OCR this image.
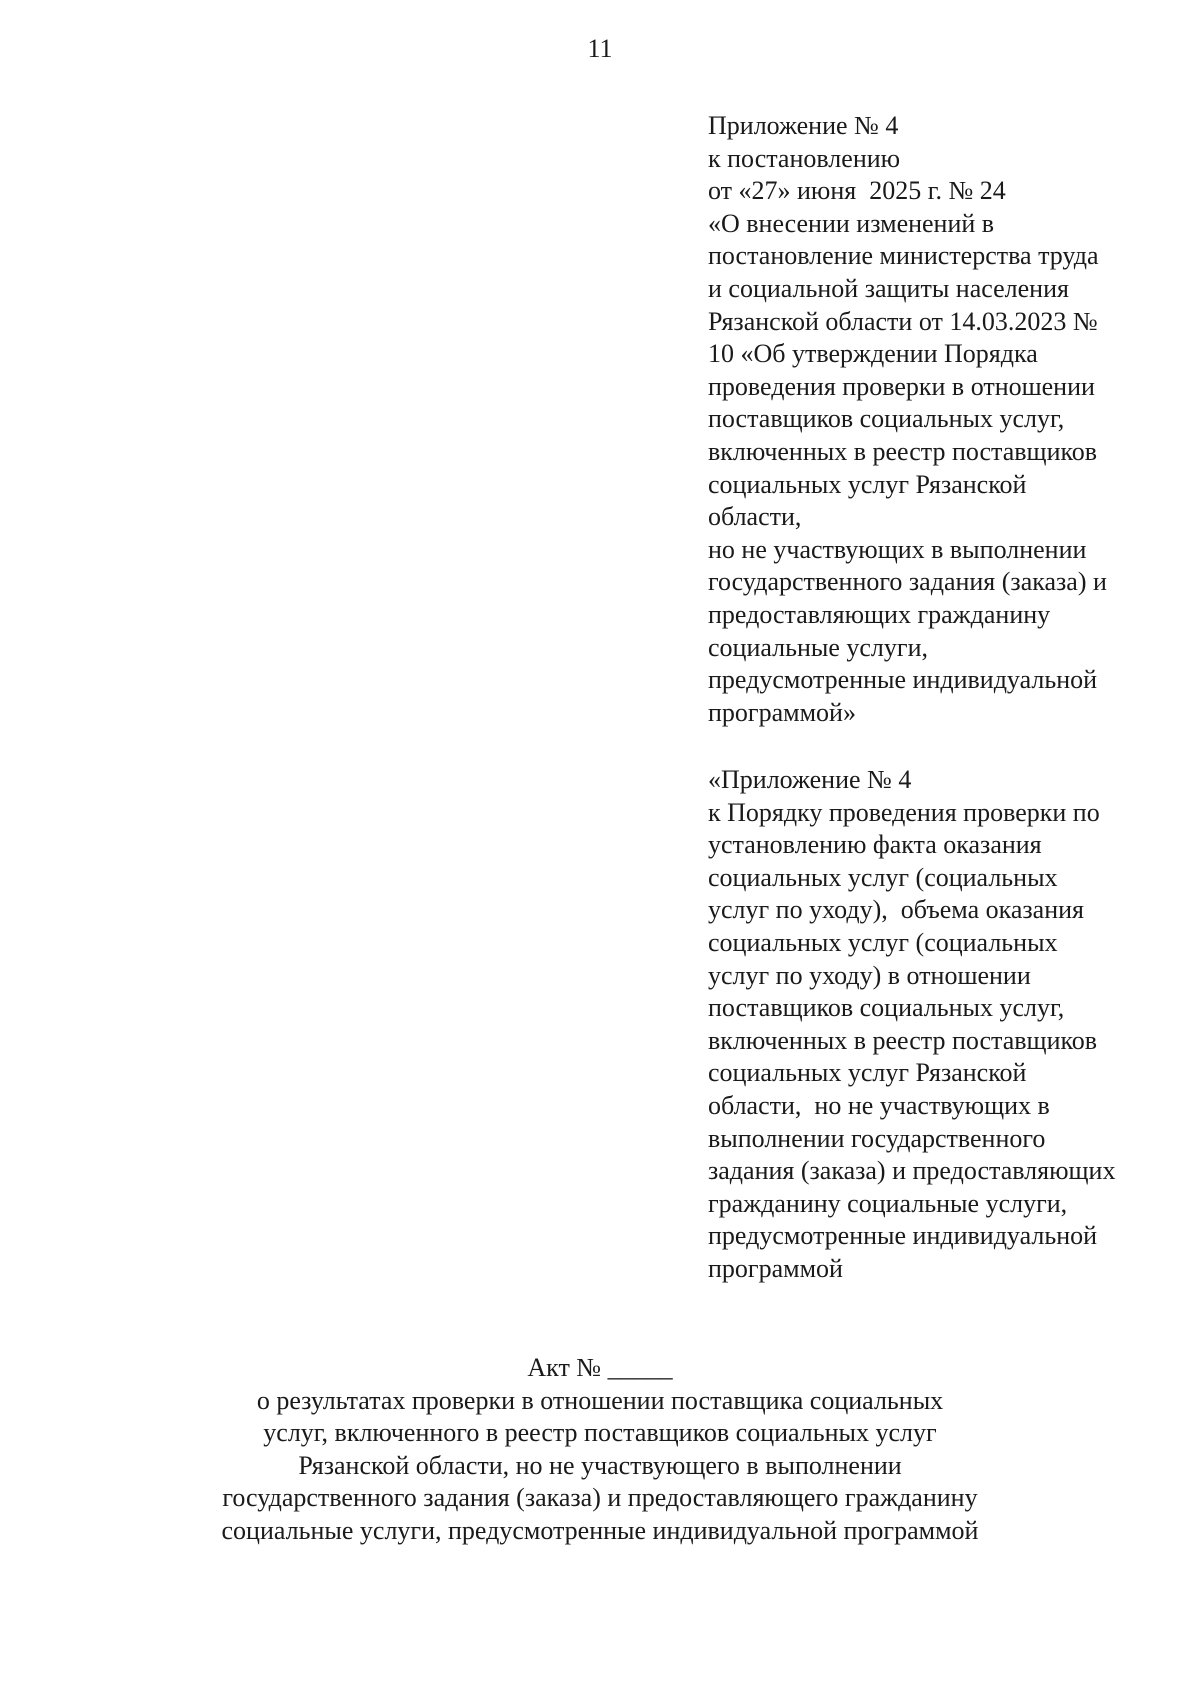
11
Приложение № 4
к постановлению
от «27» июня  2025 г. № 24
«О внесении изменений в
постановление министерства труда
и социальной защиты населения
Рязанской области от 14.03.2023 №
10 «Об утверждении Порядка
проведения проверки в отношении
поставщиков социальных услуг,
включенных в реестр поставщиков
социальных услуг Рязанской
области,
но не участвующих в выполнении
государственного задания (заказа) и
предоставляющих гражданину
социальные услуги,
предусмотренные индивидуальной
программой»
«Приложение № 4
к Порядку проведения проверки по
установлению факта оказания
социальных услуг (социальных
услуг по уходу),  объема оказания
социальных услуг (социальных
услуг по уходу) в отношении
поставщиков социальных услуг,
включенных в реестр поставщиков
социальных услуг Рязанской
области,  но не участвующих в
выполнении государственного
задания (заказа) и предоставляющих
гражданину социальные услуги,
предусмотренные индивидуальной
программой
Акт № _____
о результатах проверки в отношении поставщика социальных
услуг, включенного в реестр поставщиков социальных услуг
Рязанской области, но не участвующего в выполнении
государственного задания (заказа) и предоставляющего гражданину
социальные услуги, предусмотренные индивидуальной программой
